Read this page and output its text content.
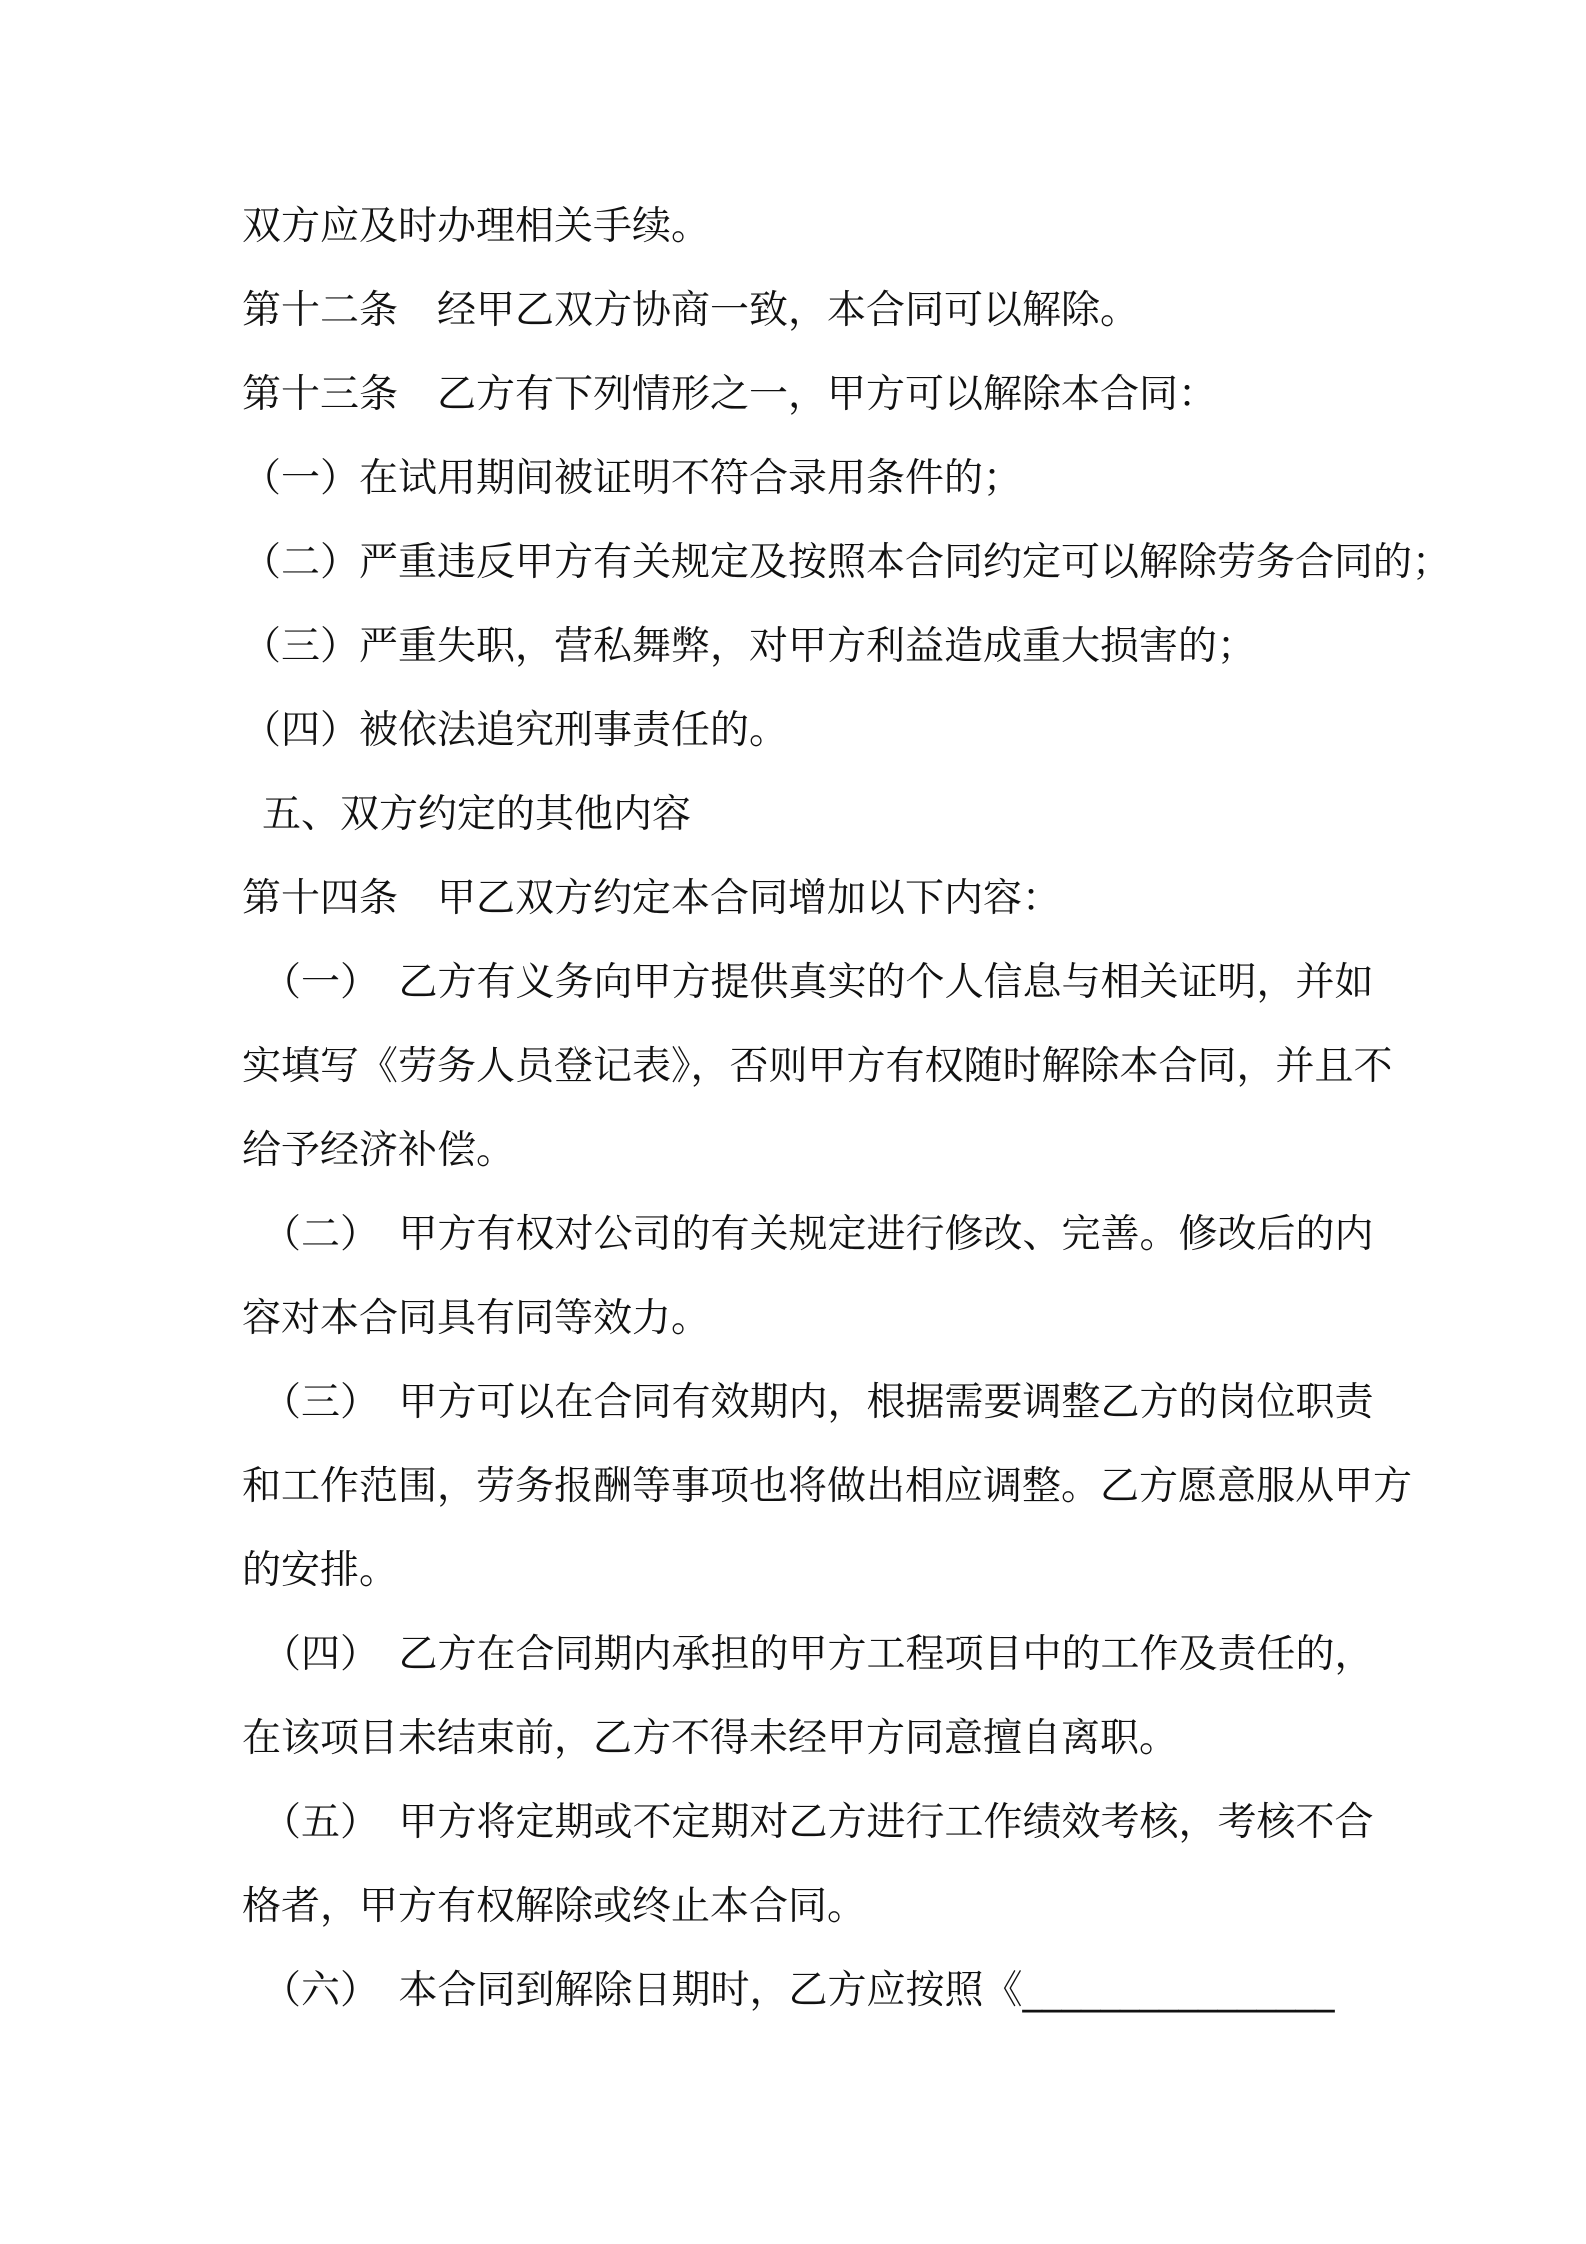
双方应及时办理相关手续。
第十二条　经甲乙双方协商一致，本合同可以解除。
第十三条　乙方有下列情形之一，甲方可以解除本合同：
（一）在试用期间被证明不符合录用条件的；
（二）严重违反甲方有关规定及按照本合同约定可以解除劳务合同的；
（三）严重失职，营私舞弊，对甲方利益造成重大损害的；
（四）被依法追究刑事责任的。
五、双方约定的其他内容
第十四条　甲乙双方约定本合同增加以下内容：
（一）　乙方有义务向甲方提供真实的个人信息与相关证明，并如
实填写《劳务人员登记表》，否则甲方有权随时解除本合同，并且不
给予经济补偿。
（二）　甲方有权对公司的有关规定进行修改、完善。修改后的内
容对本合同具有同等效力。
（三）　甲方可以在合同有效期内，根据需要调整乙方的岗位职责
和工作范围，劳务报酬等事项也将做出相应调整。乙方愿意服从甲方
的安排。
（四）　乙方在合同期内承担的甲方工程项目中的工作及责任的，
在该项目未结束前，乙方不得未经甲方同意擅自离职。
（五）　甲方将定期或不定期对乙方进行工作绩效考核，考核不合
格者，甲方有权解除或终止本合同。
（六）　本合同到解除日期时，乙方应按照《________________
